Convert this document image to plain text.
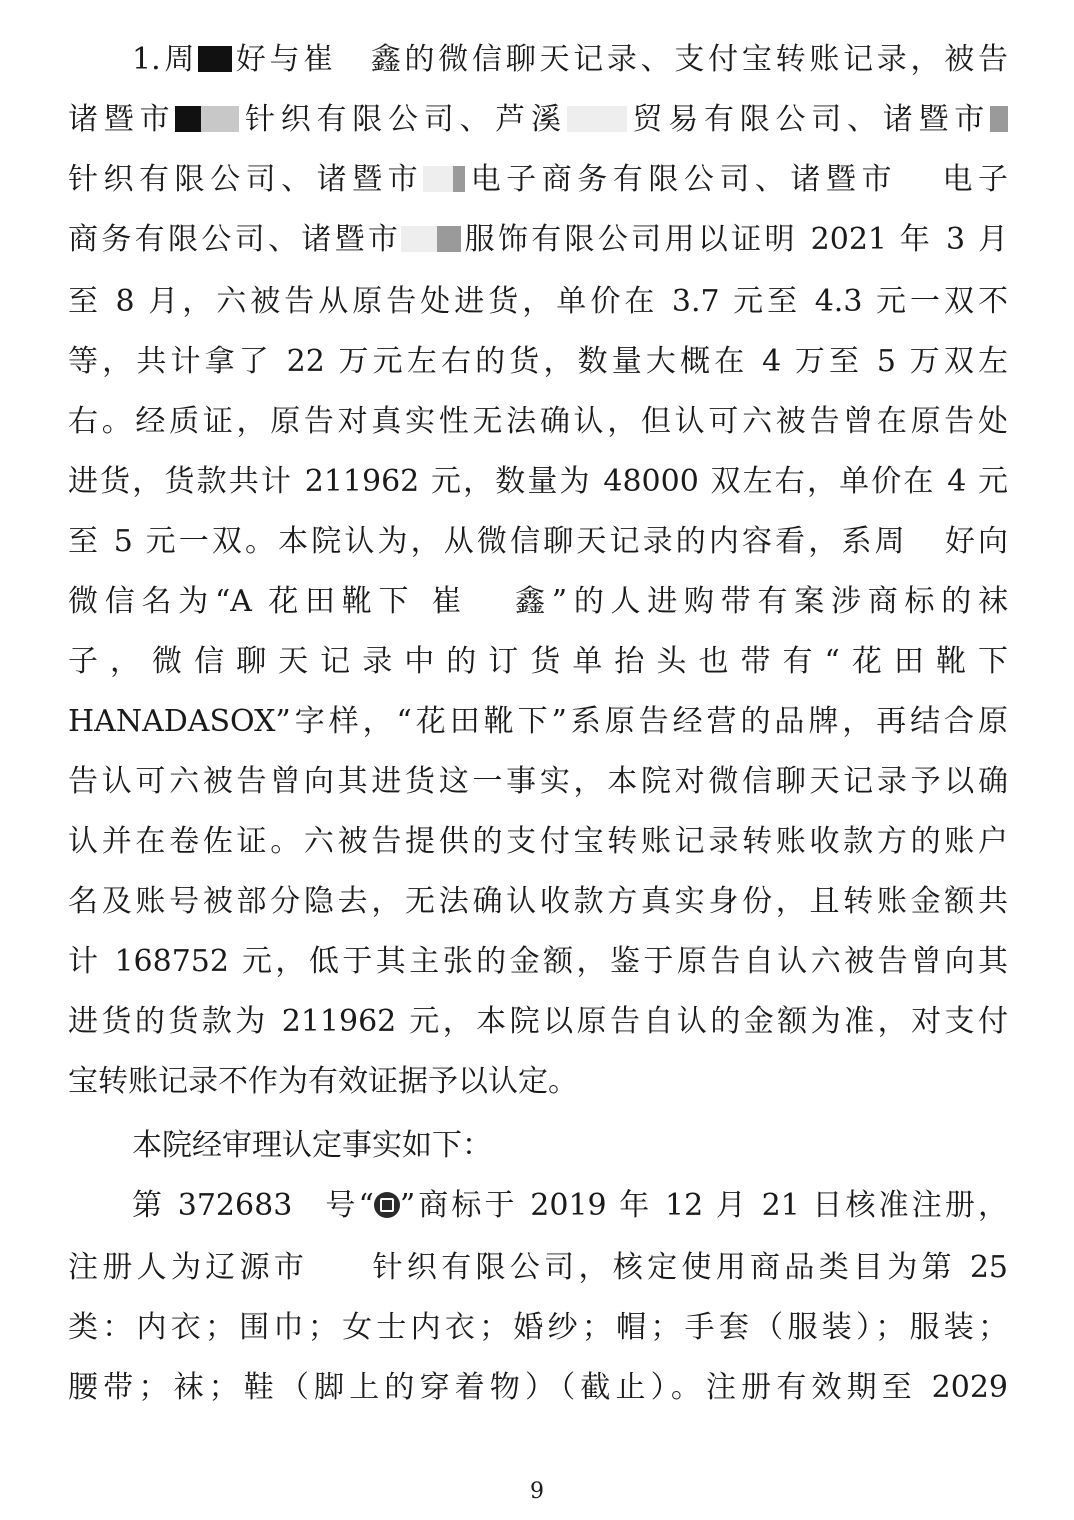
1.周 好与崔 鑫的微信聊天记录、支付宝转账记录，被告
诸暨市 针织有限公司、芦溪 贸易有限公司、诸暨市
针织有限公司、诸暨市 电子商务有限公司、诸暨市 电子
商务有限公司、诸暨市 服饰有限公司用以证明 2021 年 3 月
至 8 月，六被告从原告处进货，单价在 3.7 元至 4.3 元一双不
等，共计拿了 22 万元左右的货，数量大概在 4 万至 5 万双左
右。经质证，原告对真实性无法确认，但认可六被告曾在原告处
进货，货款共计 211962 元，数量为 48000 双左右，单价在 4 元
至 5 元一双。本院认为，从微信聊天记录的内容看，系周 好向
微信名为“A 花田靴下 崔 鑫”的人进购带有案涉商标的袜
子，微信聊天记录中的订货单抬头也带有“花田靴下
HANADASOX”字样，“花田靴下”系原告经营的品牌，再结合原
告认可六被告曾向其进货这一事实，本院对微信聊天记录予以确
认并在卷佐证。六被告提供的支付宝转账记录转账收款方的账户
名及账号被部分隐去，无法确认收款方真实身份，且转账金额共
计 168752 元，低于其主张的金额，鉴于原告自认六被告曾向其
进货的货款为 211962 元，本院以原告自认的金额为准，对支付
宝转账记录不作为有效证据予以认定。
本院经审理认定事实如下：
第 372683 号“ ”商标于 2019 年 12 月 21 日核准注册，
注册人为辽源市 针织有限公司，核定使用商品类目为第 25
类：内衣；围巾；女士内衣；婚纱；帽；手套（服装）；服装；
腰带；袜；鞋（脚上的穿着物）（截止）。注册有效期至 2029
9
